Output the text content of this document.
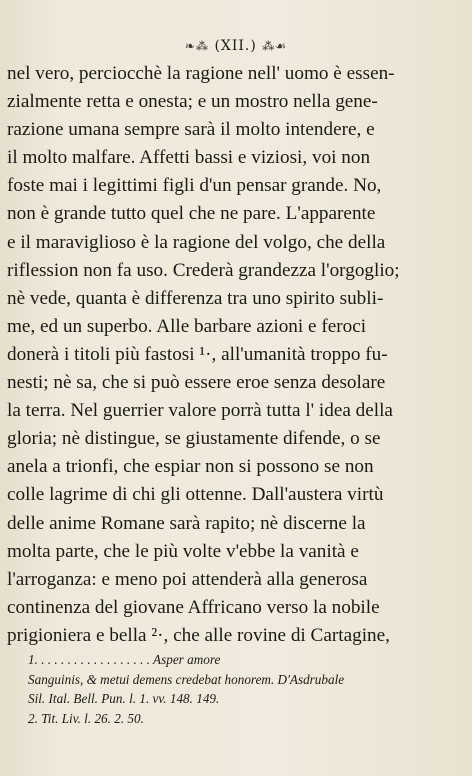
❧⁂ (XII.) ⁂☙
nel vero, perciocchè la ragione nell' uomo è essen-
zialmente retta e onesta; e un mostro nella gene-
razione umana sempre sarà il molto intendere, e
il molto malfare. Affetti bassi e viziosi, voi non
foste mai i legittimi figli d'un pensar grande. No,
non è grande tutto quel che ne pare. L'apparente
e il maraviglioso è la ragione del volgo, che della
riflession non fa uso. Crederà grandezza l'orgoglio;
nè vede, quanta è differenza tra uno spirito subli-
me, ed un superbo. Alle barbare azioni e feroci
donerà i titoli più fastosi ¹·, all'umanità troppo fu-
nesti; nè sa, che si può essere eroe senza desolare
la terra. Nel guerrier valore porrà tutta l' idea della
gloria; nè distingue, se giustamente difende, o se
anela a trionfi, che espiar non si possono se non
colle lagrime di chi gli ottenne. Dall'austera virtù
delle anime Romane sarà rapito; nè discerne la
molta parte, che le più volte v'ebbe la vanità e
l'arroganza: e meno poi attenderà alla generosa
continenza del giovane Affricano verso la nobile
prigioniera e bella ²·, che alle rovine di Cartagine,
1. . . . . . . . . . . . . . . . . . Asper amore
Sanguinis, & metui demens credebat honorem. D'Asdrubale
Sil. Ital. Bell. Pun. l. 1. vv. 148. 149.
2. Tit. Liv. l. 26. 2. 50.
